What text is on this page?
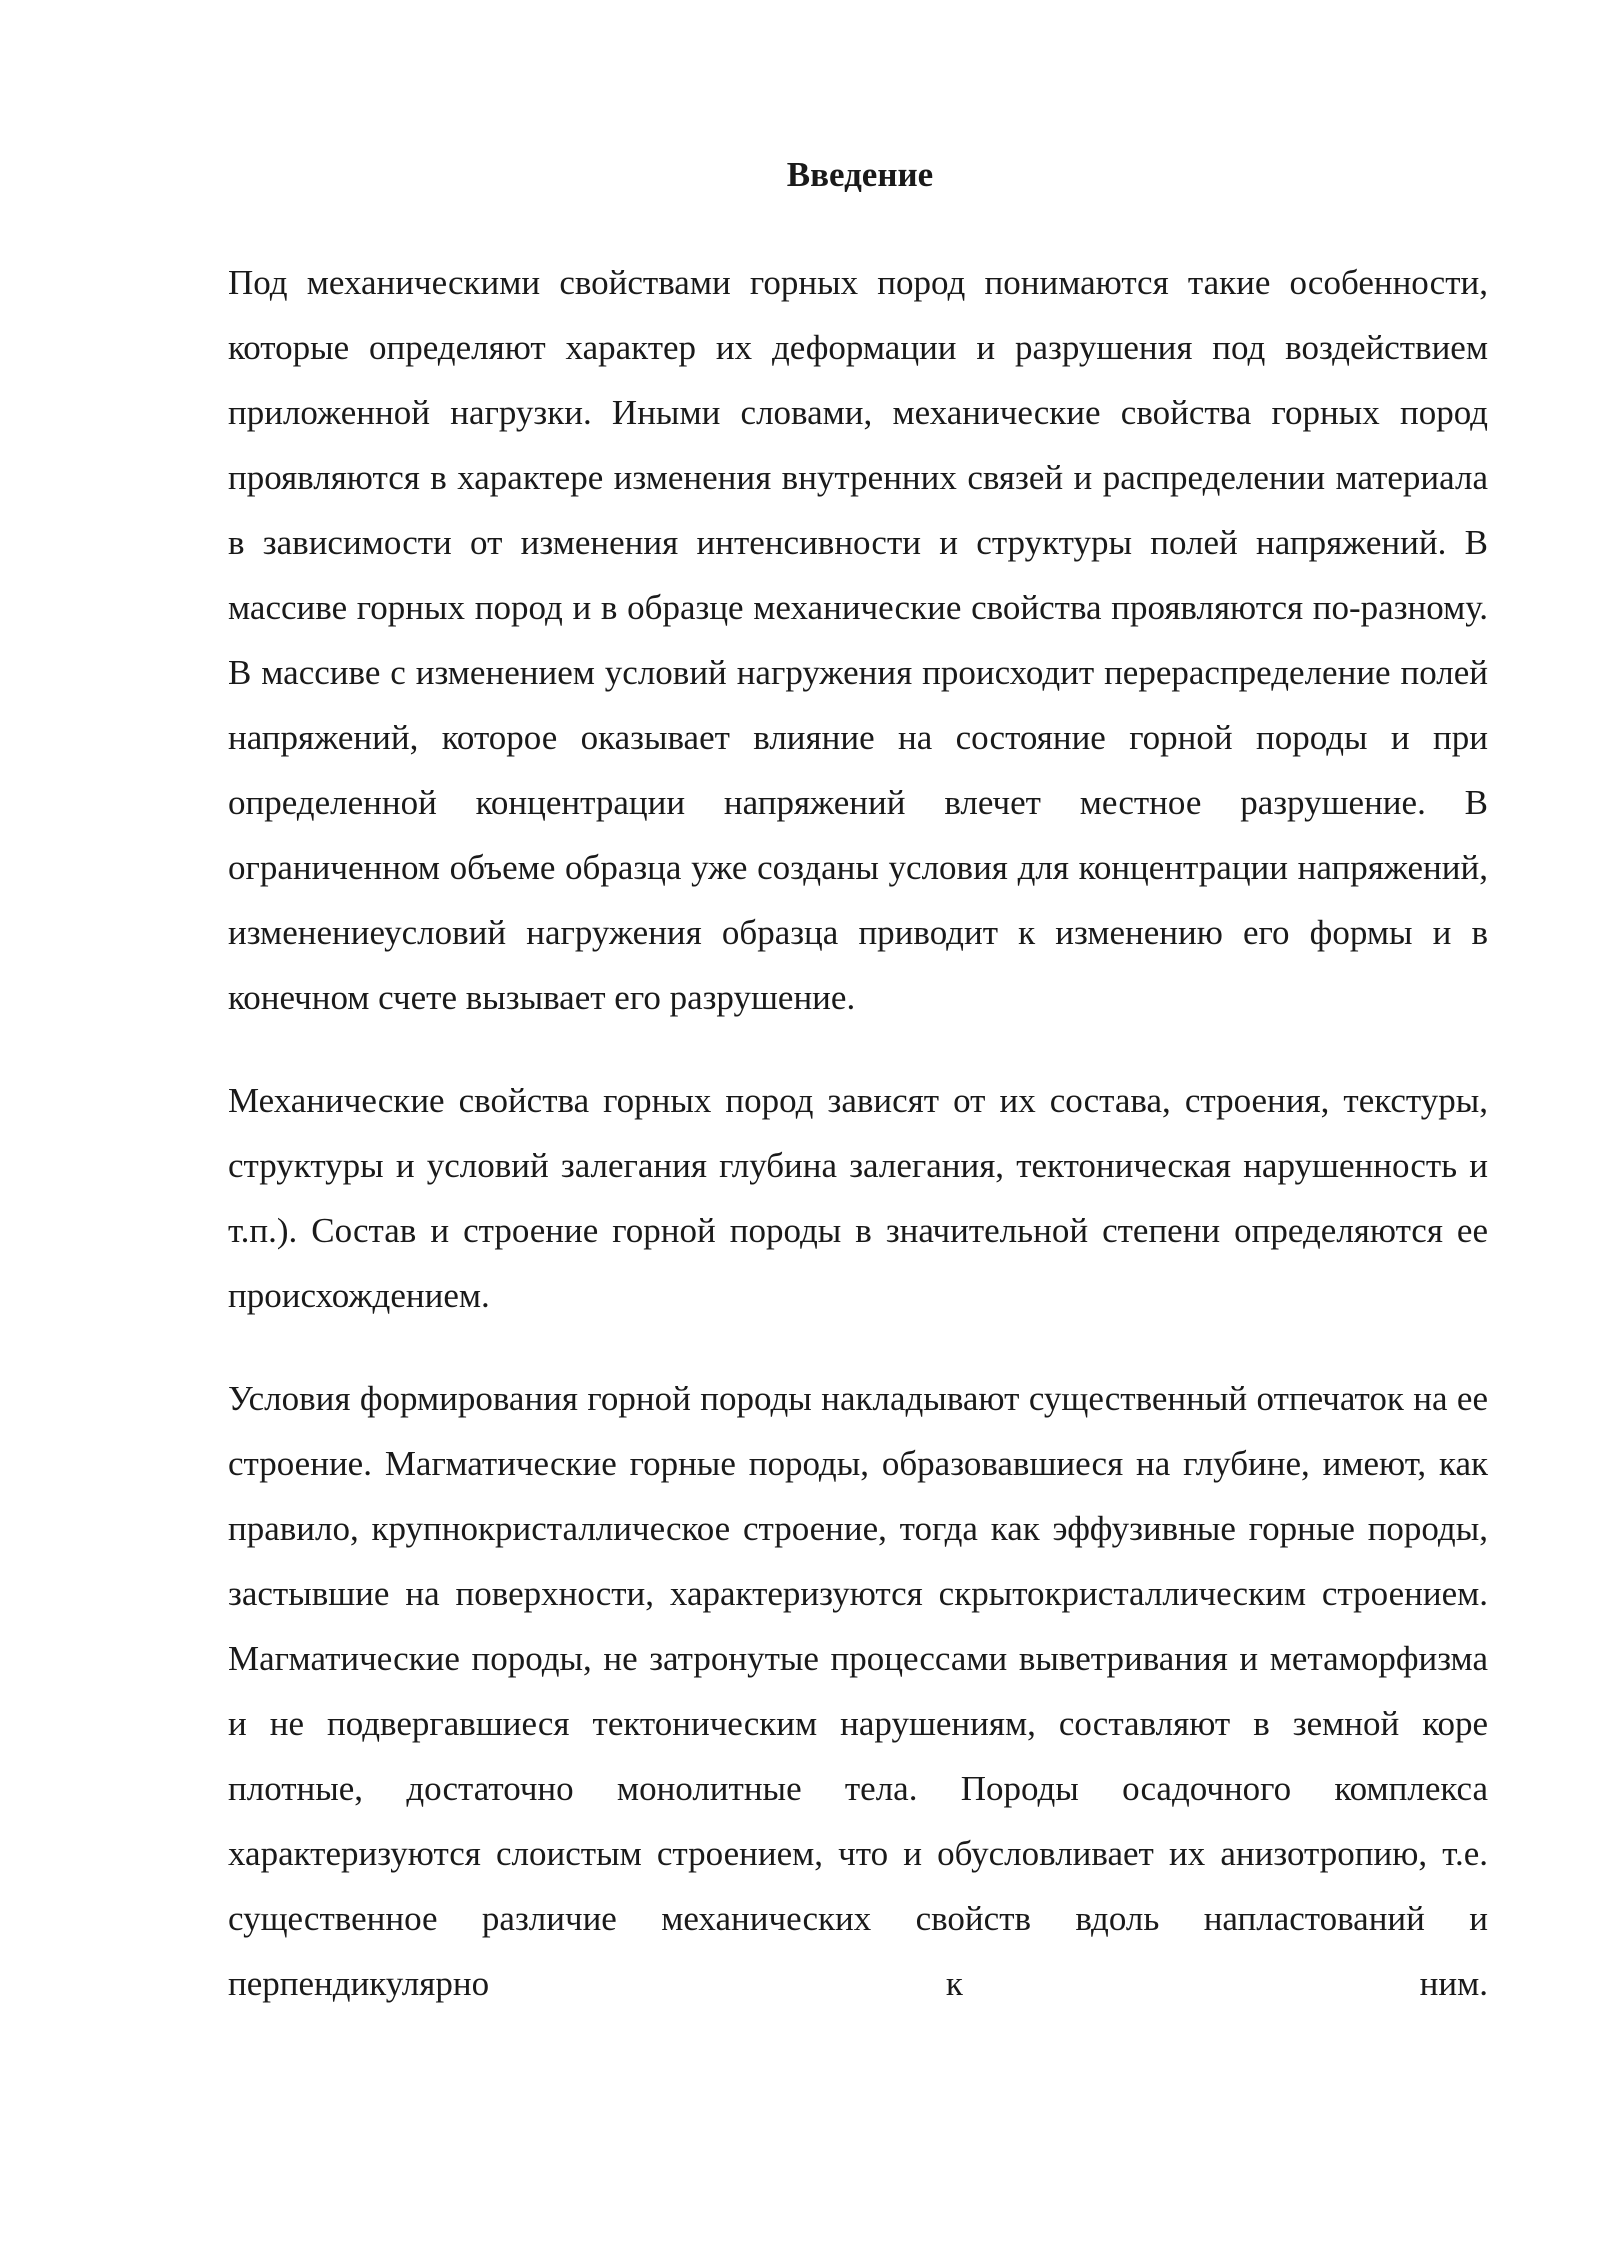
Введение

Под механическими свойствами горных пород понимаются такие особенности, которые определяют характер их деформации и разрушения под воздействием приложенной нагрузки. Иными словами, механические свойства горных пород проявляются в характере изменения внутренних связей и распределении материала в зависимости от изменения интенсивности и структуры полей напряжений. В массиве горных пород и в образце механические свойства проявляются по-разному. В массиве с изменением условий нагружения происходит перераспределение полей напряжений, которое оказывает влияние на состояние горной породы и при определенной концентрации напряжений влечет местное разрушение. В ограниченном объеме образца уже созданы условия для концентрации напряжений, изменениеусловий нагружения образца приводит к изменению его формы и в конечном счете вызывает его разрушение.

Механические свойства горных пород зависят от их состава, строения, текстуры, структуры и условий залегания глубина залегания, тектоническая нарушенность и т.п.). Состав и строение горной породы в значительной степени определяются ее происхождением.

Условия формирования горной породы накладывают существенный отпечаток на ее строение. Магматические горные породы, образовавшиеся на глубине, имеют, как правило, крупнокристаллическое строение, тогда как эффузивные горные породы, застывшие на поверхности, характеризуются скрытокристаллическим строением. Магматические породы, не затронутые процессами выветривания и метаморфизма и не подвергавшиеся тектоническим нарушениям, составляют в земной коре плотные, достаточно монолитные тела. Породы осадочного комплекса характеризуются слоистым строением, что и обусловливает их анизотропию, т.е. существенное различие механических свойств вдоль напластований и перпендикулярно к ним.
